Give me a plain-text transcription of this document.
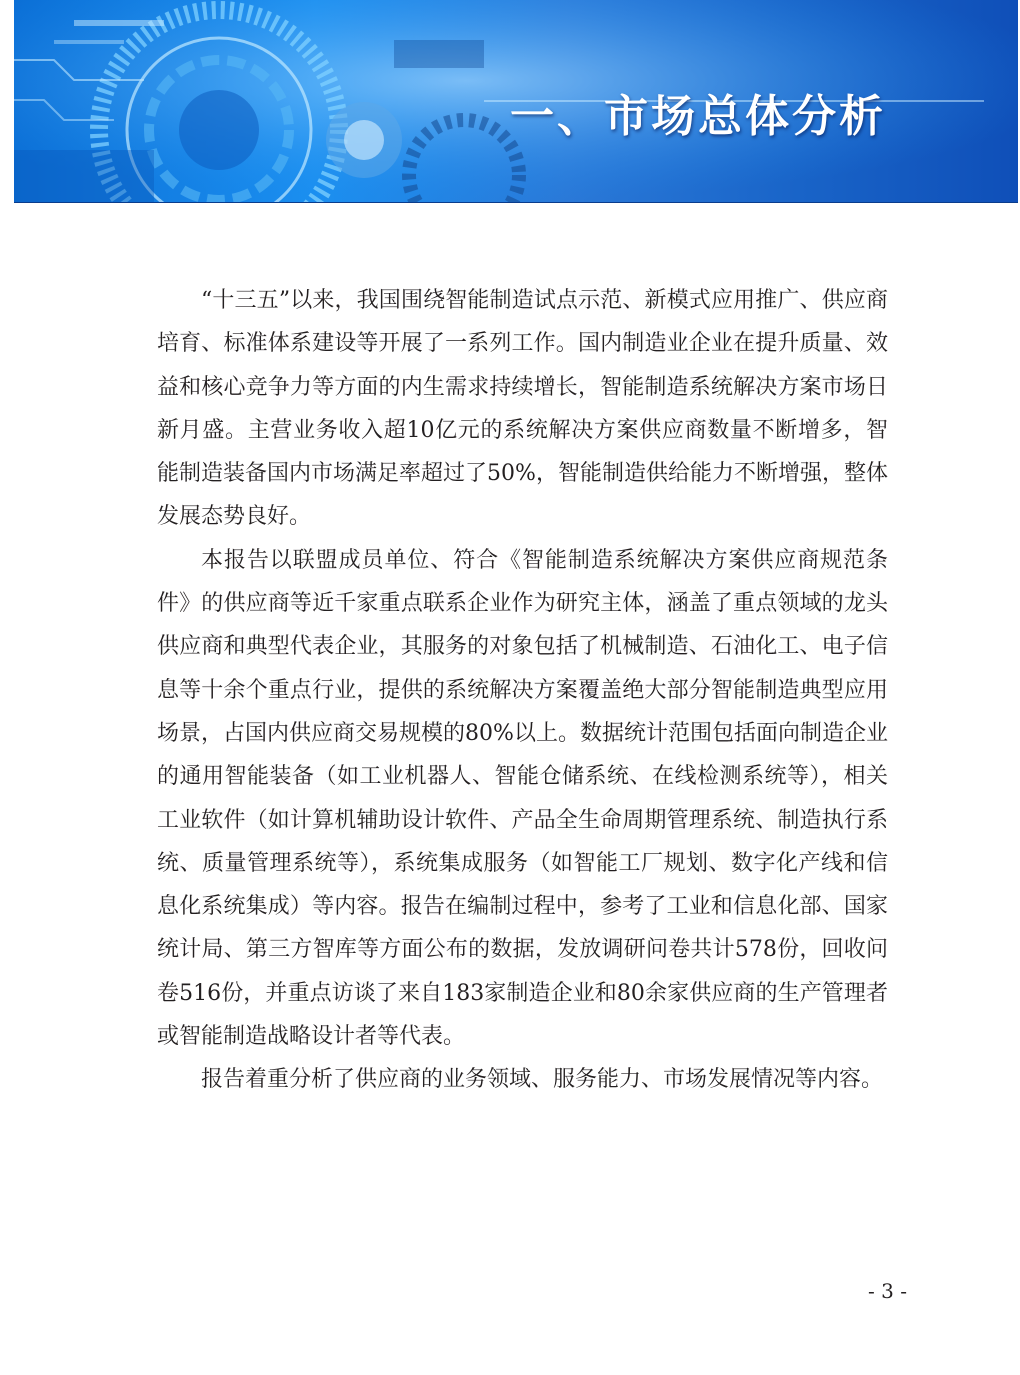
一、市场总体分析

“十三五”以来，我国围绕智能制造试点示范、新模式应用推广、供应商培育、标准体系建设等开展了一系列工作。国内制造业企业在提升质量、效益和核心竞争力等方面的内生需求持续增长，智能制造系统解决方案市场日新月盛。主营业务收入超10亿元的系统解决方案供应商数量不断增多，智能制造装备国内市场满足率超过了50%，智能制造供给能力不断增强，整体发展态势良好。

本报告以联盟成员单位、符合《智能制造系统解决方案供应商规范条件》的供应商等近千家重点联系企业作为研究主体，涵盖了重点领域的龙头供应商和典型代表企业，其服务的对象包括了机械制造、石油化工、电子信息等十余个重点行业，提供的系统解决方案覆盖绝大部分智能制造典型应用场景，占国内供应商交易规模的80%以上。数据统计范围包括面向制造企业的通用智能装备（如工业机器人、智能仓储系统、在线检测系统等），相关工业软件（如计算机辅助设计软件、产品全生命周期管理系统、制造执行系统、质量管理系统等），系统集成服务（如智能工厂规划、数字化产线和信息化系统集成）等内容。报告在编制过程中，参考了工业和信息化部、国家统计局、第三方智库等方面公布的数据，发放调研问卷共计578份，回收问卷516份，并重点访谈了来自183家制造企业和80余家供应商的生产管理者或智能制造战略设计者等代表。

报告着重分析了供应商的业务领域、服务能力、市场发展情况等内容。

- 3 -
